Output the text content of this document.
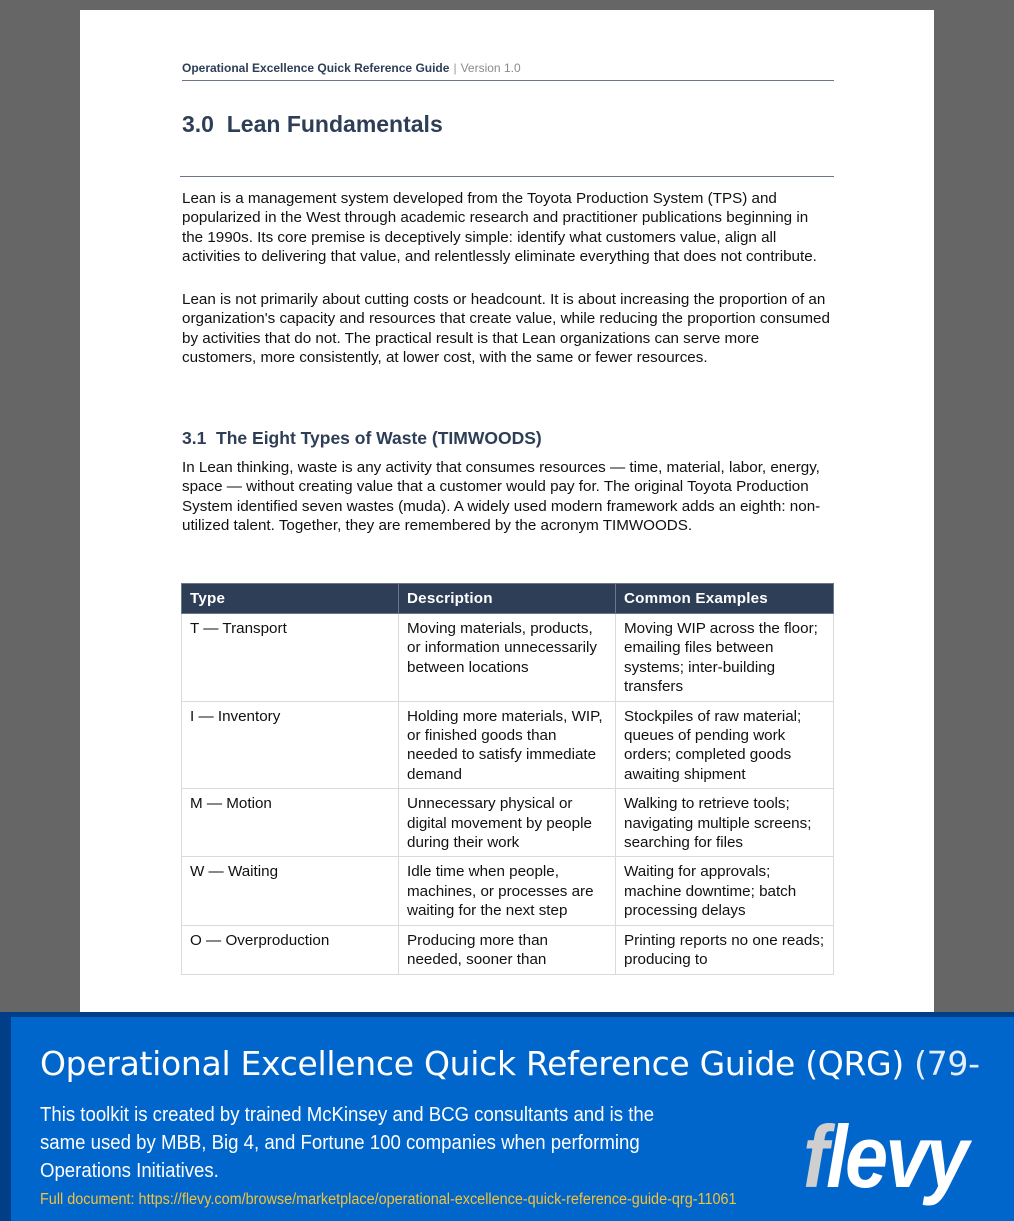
Operational Excellence Quick Reference Guide | Version 1.0
3.0  Lean Fundamentals

Lean is a management system developed from the Toyota Production System (TPS) and popularized in the West through academic research and practitioner publications beginning in the 1990s. Its core premise is deceptively simple: identify what customers value, align all activities to delivering that value, and relentlessly eliminate everything that does not contribute.

Lean is not primarily about cutting costs or headcount. It is about increasing the proportion of an organization's capacity and resources that create value, while reducing the proportion consumed by activities that do not. The practical result is that Lean organizations can serve more customers, more consistently, at lower cost, with the same or fewer resources.

3.1  The Eight Types of Waste (TIMWOODS)

In Lean thinking, waste is any activity that consumes resources — time, material, labor, energy, space — without creating value that a customer would pay for. The original Toyota Production System identified seven wastes (muda). A widely used modern framework adds an eighth: non-utilized talent. Together, they are remembered by the acronym TIMWOODS.

Type	Description	Common Examples
T — Transport	Moving materials, products, or information unnecessarily between locations	Moving WIP across the floor; emailing files between systems; inter-building transfers
I — Inventory	Holding more materials, WIP, or finished goods than needed to satisfy immediate demand	Stockpiles of raw material; queues of pending work orders; completed goods awaiting shipment
M — Motion	Unnecessary physical or digital movement by people during their work	Walking to retrieve tools; navigating multiple screens; searching for files
W — Waiting	Idle time when people, machines, or processes are waiting for the next step	Waiting for approvals; machine downtime; batch processing delays
O — Overproduction	Producing more than needed, sooner than	Printing reports no one reads; producing to
Operational Excellence Quick Reference Guide (QRG) (79-
This toolkit is created by trained McKinsey and BCG consultants and is the same used by MBB, Big 4, and Fortune 100 companies when performing Operations Initiatives.
Full document: https://flevy.com/browse/marketplace/operational-excellence-quick-reference-guide-qrg-11061 flevy
